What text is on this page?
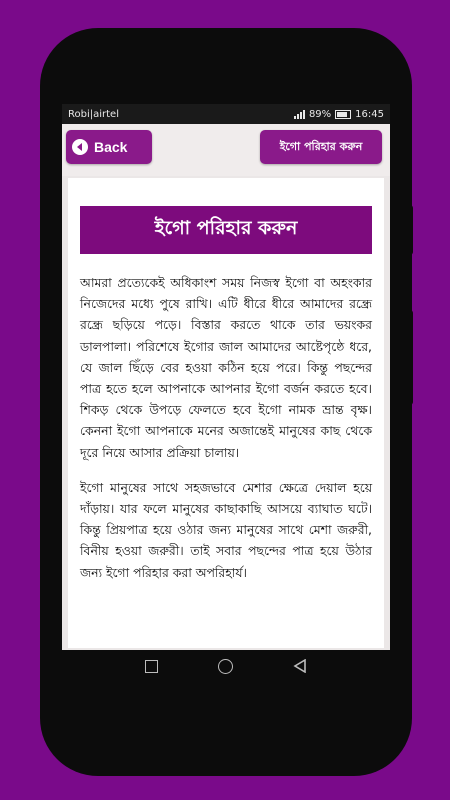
Robi|airtel	89% 16:45
Back	ইগো পরিহার করুন
ইগো পরিহার করুন

আমরা প্রত্যেকেই অধিকাংশ সময় নিজস্ব ইগো বা অহংকার নিজেদের মধ্যে পুষে রাখি। এটি ধীরে ধীরে আমাদের রন্ধ্রে রন্ধ্রে ছড়িয়ে পড়ে। বিস্তার করতে থাকে তার ভয়ংকর ডালপালা। পরিশেষে ইগোর জাল আমাদের আষ্টেপৃষ্ঠে ধরে, যে জাল ছিঁড়ে বের হওয়া কঠিন হয়ে পরে। কিন্তু পছন্দের পাত্র হতে হলে আপনাকে আপনার ইগো বর্জন করতে হবে। শিকড় থেকে উপড়ে ফেলতে হবে ইগো নামক ভ্রান্ত বৃক্ষ। কেননা ইগো আপনাকে মনের অজান্তেই মানুষের কাছ থেকে দূরে নিয়ে আসার প্রক্রিয়া চালায়।

ইগো মানুষের সাথে সহজভাবে মেশার ক্ষেত্রে দেয়াল হয়ে দাঁড়ায়। যার ফলে মানুষের কাছাকাছি আসয়ে ব্যাঘাত ঘটে। কিন্তু প্রিয়পাত্র হয়ে ওঠার জন্য মানুষের সাথে মেশা জরুরী, বিনীয় হওয়া জরুরী। তাই সবার পছন্দের পাত্র হয়ে উঠার জন্য ইগো পরিহার করা অপরিহার্য।
